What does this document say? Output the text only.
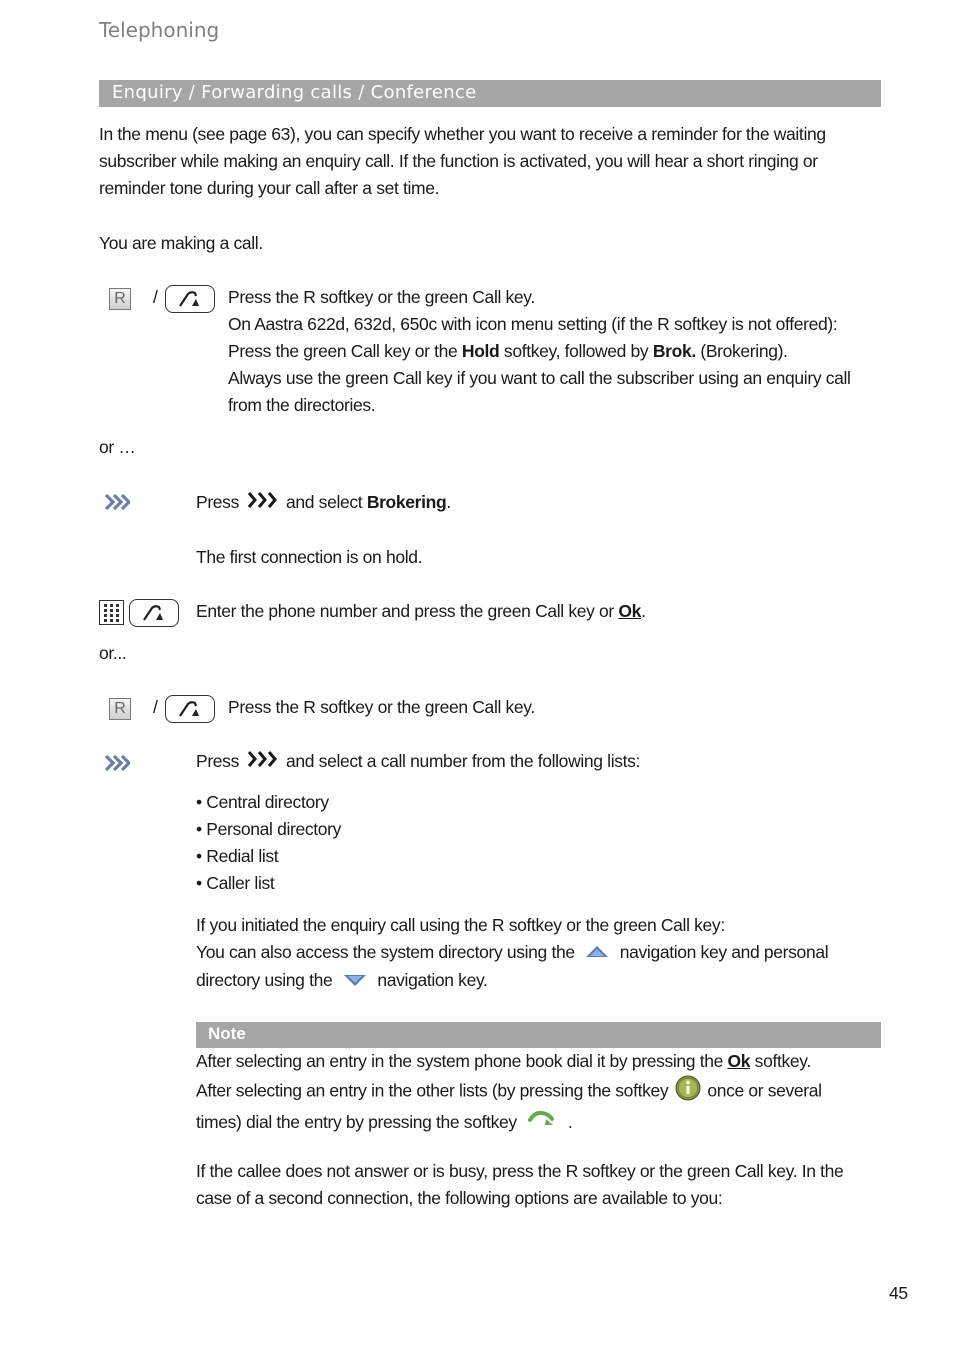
Telephoning
Enquiry / Forwarding calls / Conference
In the menu (see page 63), you can specify whether you want to receive a reminder for the waiting
subscriber while making an enquiry call. If the function is activated, you will hear a short ringing or
reminder tone during your call after a set time.
You are making a call.
R /	Press the R softkey or the green Call key.
On Aastra 622d, 632d, 650c with icon menu setting (if the R softkey is not offered):
Press the green Call key or the Hold softkey, followed by Brok. (Brokering).
Always use the green Call key if you want to call the subscriber using an enquiry call
from the directories.
or …
Press  and select Brokering.
The first connection is on hold.
Enter the phone number and press the green Call key or Ok.
or...
R /	Press the R softkey or the green Call key.
Press  and select a call number from the following lists:
• Central directory
• Personal directory
• Redial list
• Caller list
If you initiated the enquiry call using the R softkey or the green Call key:
You can also access the system directory using the	navigation key and personal
directory using the	navigation key.
Note
After selecting an entry in the system phone book dial it by pressing the Ok softkey.
After selecting an entry in the other lists (by pressing the softkey once or several
times) dial the entry by pressing the softkey	.
If the callee does not answer or is busy, press the R softkey or the green Call key. In the
case of a second connection, the following options are available to you:
45
